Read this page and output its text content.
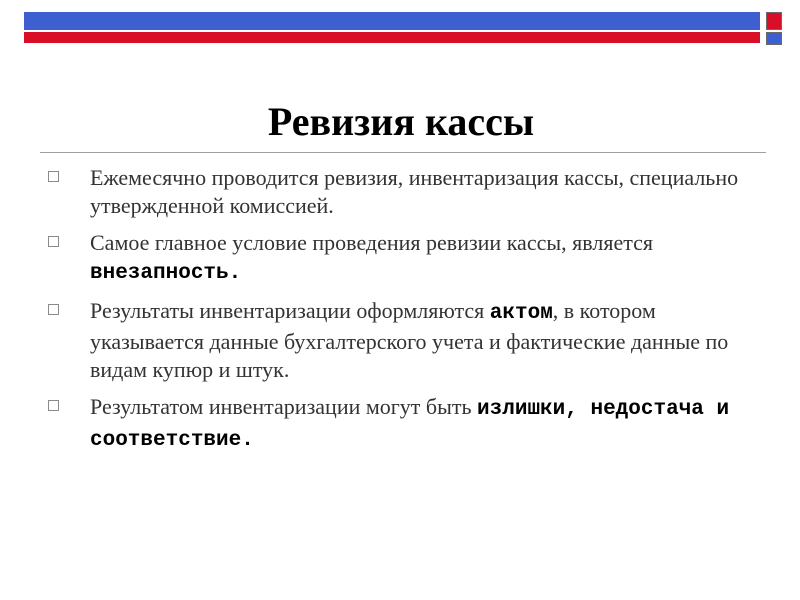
Ревизия кассы
Ежемесячно проводится ревизия, инвентаризация кассы, специально утвержденной комиссией.
Самое главное условие проведения ревизии кассы, является внезапность.
Результаты инвентаризации оформляются актом, в котором указывается данные бухгалтерского учета и фактические данные по видам купюр и штук.
Результатом инвентаризации могут быть излишки, недостача и соответствие.
